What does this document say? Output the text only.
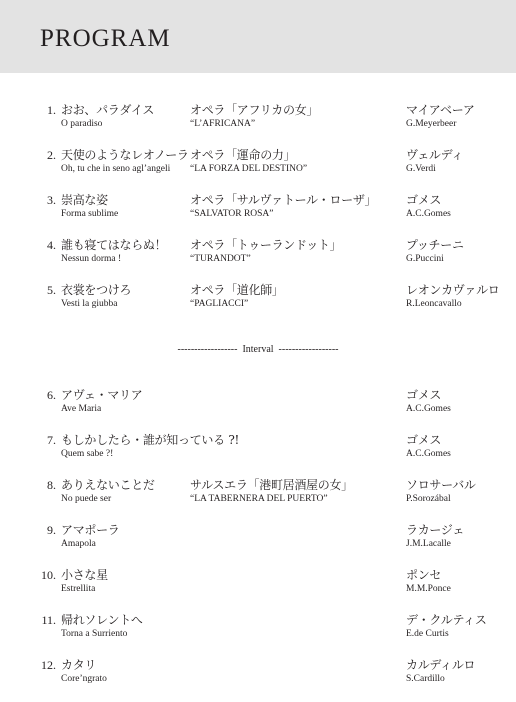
PROGRAM
1. おお、パラダイス
O paradiso
オペラ「アフリカの女」
“L’AFRICANA”
マイアベーア
G.Meyerbeer
2. 天使のようなレオノーラ
Oh, tu che in seno agl’angeli
オペラ「運命の力」
“LA FORZA DEL DESTINO”
ヴェルディ
G.Verdi
3. 崇高な姿
Forma sublime
オペラ「サルヴァトール・ローザ」
“SALVATOR ROSA”
ゴメス
A.C.Gomes
4. 誰も寝てはならぬ！
Nessun dorma !
オペラ「トゥーランドット」
“TURANDOT”
プッチーニ
G.Puccini
5. 衣裳をつけろ
Vesti la giubba
オペラ「道化師」
“PAGLIACCI”
レオンカヴァルロ
R.Leoncavallo
6. アヴェ・マリア
Ave Maria
ゴメス
A.C.Gomes
7. もしかしたら・誰が知っている ?!
Quem sabe ?!
ゴメス
A.C.Gomes
8. ありえないことだ
No puede ser
サルスエラ「港町居酒屋の女」
“LA TABERNERA DEL PUERTO”
ソロサーバル
P.Sorozábal
9. アマポーラ
Amapola
ラカージェ
J.M.Lacalle
10. 小さな星
Estrellita
ポンセ
M.M.Ponce
11. 帰れソレントへ
Torna a Surriento
デ・クルティス
E.de Curtis
12. カタリ
Core’ngrato
カルディルロ
S.Cardillo
------------------  Interval  ------------------
